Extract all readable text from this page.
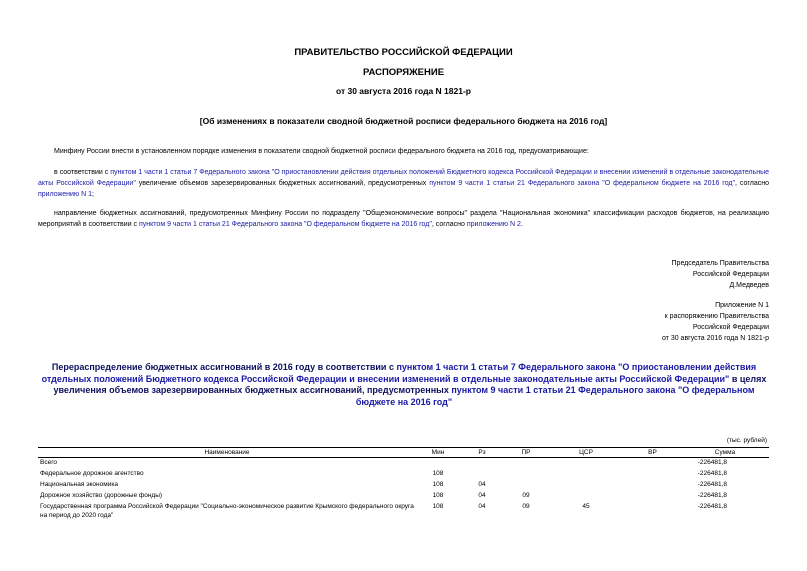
ПРАВИТЕЛЬСТВО РОССИЙСКОЙ ФЕДЕРАЦИИ
РАСПОРЯЖЕНИЕ
от 30 августа 2016 года N 1821-р
[Об изменениях в показатели сводной бюджетной росписи федерального бюджета на 2016 год]
Минфину России внести в установленном порядке изменения в показатели сводной бюджетной росписи федерального бюджета на 2016 год, предусматривающие:
в соответствии с пунктом 1 части 1 статьи 7 Федерального закона "О приостановлении действия отдельных положений Бюджетного кодекса Российской Федерации и внесении изменений в отдельные законодательные акты Российской Федерации" увеличение объемов зарезервированных бюджетных ассигнований, предусмотренных пунктом 9 части 1 статьи 21 Федерального закона "О федеральном бюджете на 2016 год", согласно приложению N 1;
направление бюджетных ассигнований, предусмотренных Минфину России по подразделу "Общеэкономические вопросы" раздела "Национальная экономика" классификации расходов бюджетов, на реализацию мероприятий в соответствии с пунктом 9 части 1 статьи 21 Федерального закона "О федеральном бюджете на 2016 год", согласно приложению N 2.
Председатель Правительства
Российской Федерации
Д.Медведев
Приложение N 1
к распоряжению Правительства
Российской Федерации
от 30 августа 2016 года N 1821-р
Перераспределение бюджетных ассигнований в 2016 году в соответствии с пунктом 1 части 1 статьи 7 Федерального закона "О приостановлении действия отдельных положений Бюджетного кодекса Российской Федерации и внесении изменений в отдельные законодательные акты Российской Федерации" в целях увеличения объемов зарезервированных бюджетных ассигнований, предусмотренных пунктом 9 части 1 статьи 21 Федерального закона "О федеральном бюджете на 2016 год"
(тыс. рублей)
Наименование	Мин	Рз	ПР	ЦСР	ВР	Сумма
Всего						-226481,8
Федеральное дорожное агентство	108					-226481,8
Национальная экономика	108	04				-226481,8
Дорожное хозяйство (дорожные фонды)	108	04	09			-226481,8
Государственная программа Российской Федерации "Социально-экономическое развитие Крымского федерального округа на период до 2020 года"	108	04	09	45		-226481,8
